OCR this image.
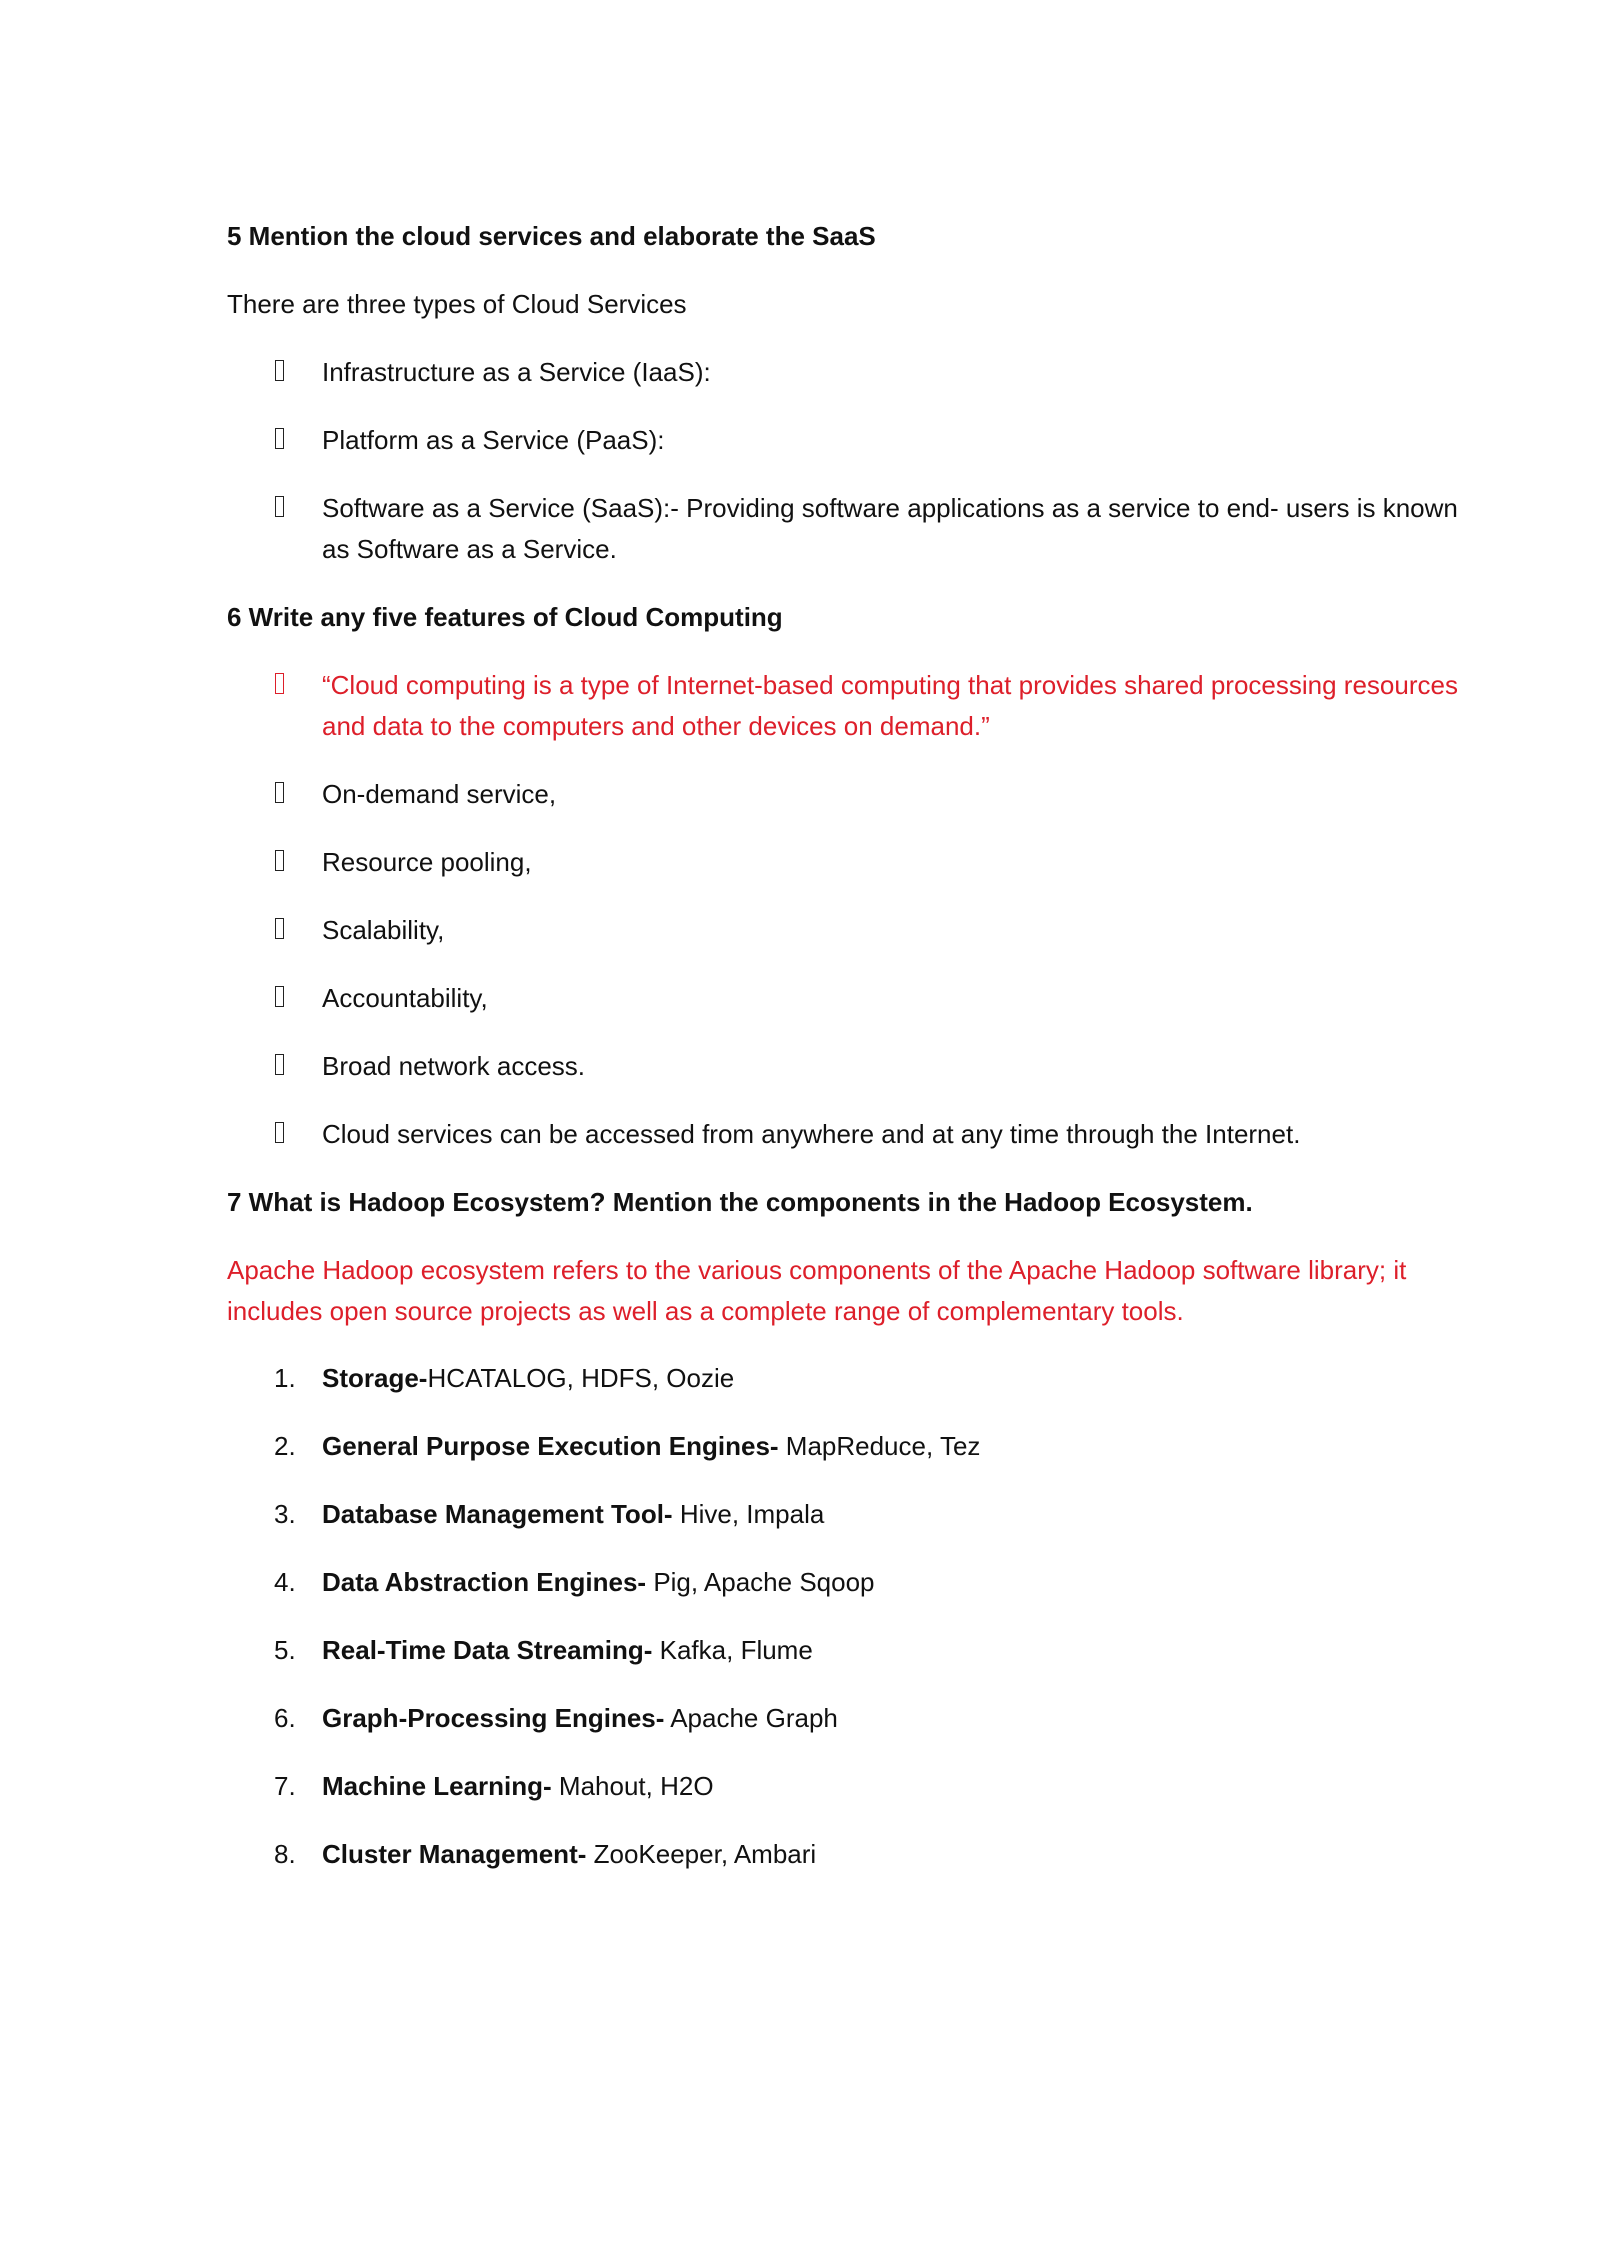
5 Mention the cloud services and elaborate the SaaS
There are three types of Cloud Services
Infrastructure as a Service (IaaS):
Platform as a Service (PaaS):
Software as a Service (SaaS):- Providing software applications as a service to end- users is known as Software as a Service.
6 Write any five features of Cloud Computing
“Cloud computing is a type of Internet-based computing that provides shared processing resources and data to the computers and other devices on demand.”
On-demand service,
Resource pooling,
Scalability,
Accountability,
Broad network access.
Cloud services can be accessed from anywhere and at any time through the Internet.
7 What is Hadoop Ecosystem? Mention the components in the Hadoop Ecosystem.
Apache Hadoop ecosystem refers to the various components of the Apache Hadoop software library; it includes open source projects as well as a complete range of complementary tools.
1.	Storage-HCATALOG, HDFS, Oozie
2.	General Purpose Execution Engines- MapReduce, Tez
3.	Database Management Tool- Hive, Impala
4.	Data Abstraction Engines- Pig, Apache Sqoop
5.	Real-Time Data Streaming- Kafka, Flume
6.	Graph-Processing Engines- Apache Graph
7.	Machine Learning- Mahout, H2O
8.	Cluster Management- ZooKeeper, Ambari
